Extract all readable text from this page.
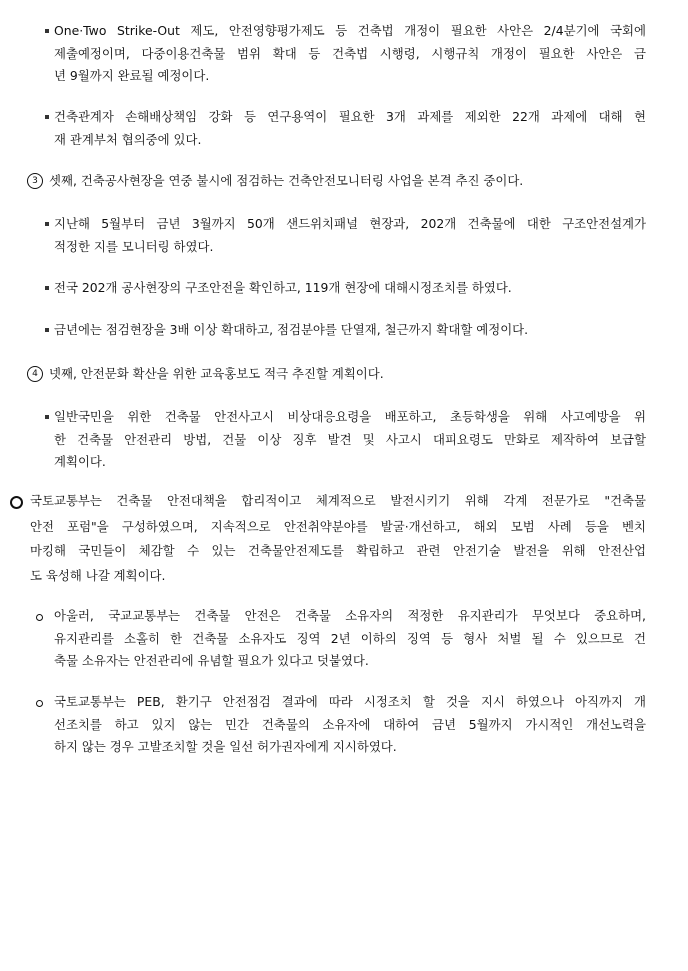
One·Two Strike-Out 제도, 안전영향평가제도 등 건축법 개정이 필요한 사안은 2/4분기에 국회에
제출예정이며, 다중이용건축물 범위 확대 등 건축법 시행령, 시행규칙 개정이 필요한 사안은 금
년 9월까지 완료될 예정이다.
건축관계자 손해배상책임 강화 등 연구용역이 필요한 3개 과제를 제외한 22개 과제에 대해 현
재 관계부처 협의중에 있다.
3 셋째, 건축공사현장을 연중 불시에 점검하는 건축안전모니터링 사업을 본격 추진 중이다.
지난해 5월부터 금년 3월까지 50개 샌드위치패널 현장과, 202개 건축물에 대한 구조안전설계가
적정한 지를 모니터링 하였다.
전국 202개 공사현장의 구조안전을 확인하고, 119개 현장에 대해시정조치를 하였다.
금년에는 점검현장을 3배 이상 확대하고, 점검분야를 단열재, 철근까지 확대할 예정이다.
4 넷째, 안전문화 확산을 위한 교육홍보도 적극 추진할 계획이다.
일반국민을 위한 건축물 안전사고시 비상대응요령을 배포하고, 초등학생을 위해 사고예방을 위
한 건축물 안전관리 방법, 건물 이상 징후 발견 및 사고시 대피요령도 만화로 제작하여 보급할
계획이다.
국토교통부는 건축물 안전대책을 합리적이고 체계적으로 발전시키기 위해 각계 전문가로 "건축물
안전 포럼"을 구성하였으며, 지속적으로 안전취약분야를 발굴·개선하고, 해외 모범 사례 등을 벤치
마킹해 국민들이 체감할 수 있는 건축물안전제도를 확립하고 관련 안전기술 발전을 위해 안전산업
도 육성해 나갈 계획이다.
아울러, 국교교통부는 건축물 안전은 건축물 소유자의 적정한 유지관리가 무엇보다 중요하며,
유지관리를 소홀히 한 건축물 소유자도 징역 2년 이하의 징역 등 형사 처벌 될 수 있으므로 건
축물 소유자는 안전관리에 유념할 필요가 있다고 덧붙였다.
국토교통부는 PEB, 환기구 안전점검 결과에 따라 시정조치 할 것을 지시 하였으나 아직까지 개
선조치를 하고 있지 않는 민간 건축물의 소유자에 대하여 금년 5월까지 가시적인 개선노력을
하지 않는 경우 고발조치할 것을 일선 허가권자에게 지시하였다.
